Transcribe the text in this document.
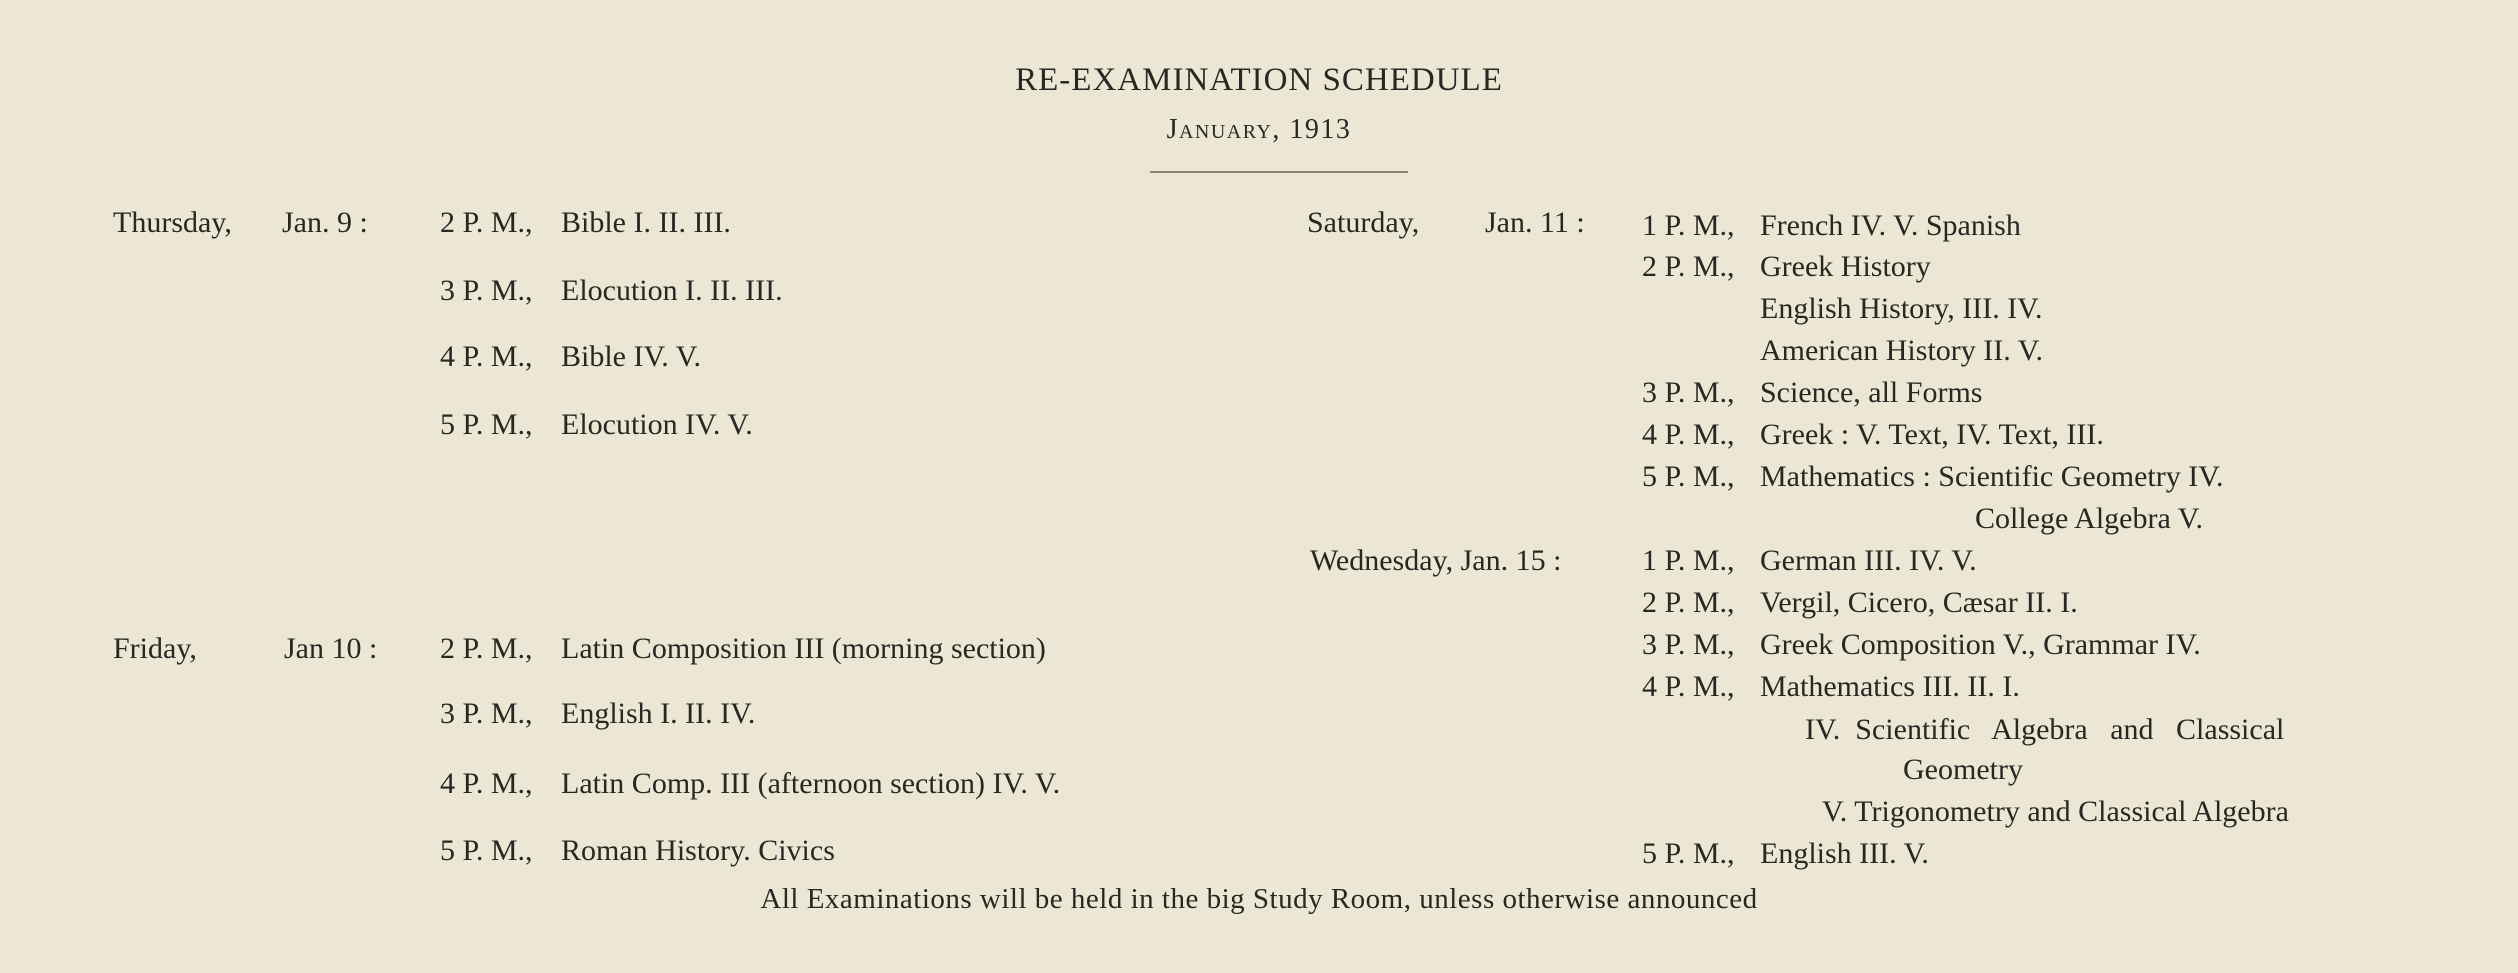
RE-EXAMINATION SCHEDULE
January, 1913
Thursday, Jan. 9 : 2 P. M., Bible I. II. III.
3 P. M., Elocution I. II. III.
4 P. M., Bible IV. V.
5 P. M., Elocution IV. V.
Friday,	Jan 10 : 2 P. M., Latin Composition III (morning section)
3 P. M., English I. II. IV.
4 P. M., Latin Comp. III (afternoon section) IV. V.
5 P. M., Roman History. Civics
Saturday, Jan. 11 : 1 P. M., French IV. V. Spanish
2 P. M., Greek History
English History, III. IV.
American History II. V.
3 P. M., Science, all Forms
4 P. M., Greek : V. Text, IV. Text, III.
5 P. M., Mathematics : Scientific Geometry IV.
College Algebra V.
Wednesday, Jan. 15 :	1 P. M., German III. IV. V.
2 P. M., Vergil, Cicero, Cæsar II. I.
3 P. M., Greek Composition V., Grammar IV.
4 P. M., Mathematics III. II. I.
IV.  Scientific   Algebra   and   Classical
Geometry
V. Trigonometry and Classical Algebra
5 P. M., English III. V.
All Examinations will be held in the big Study Room, unless otherwise announced
